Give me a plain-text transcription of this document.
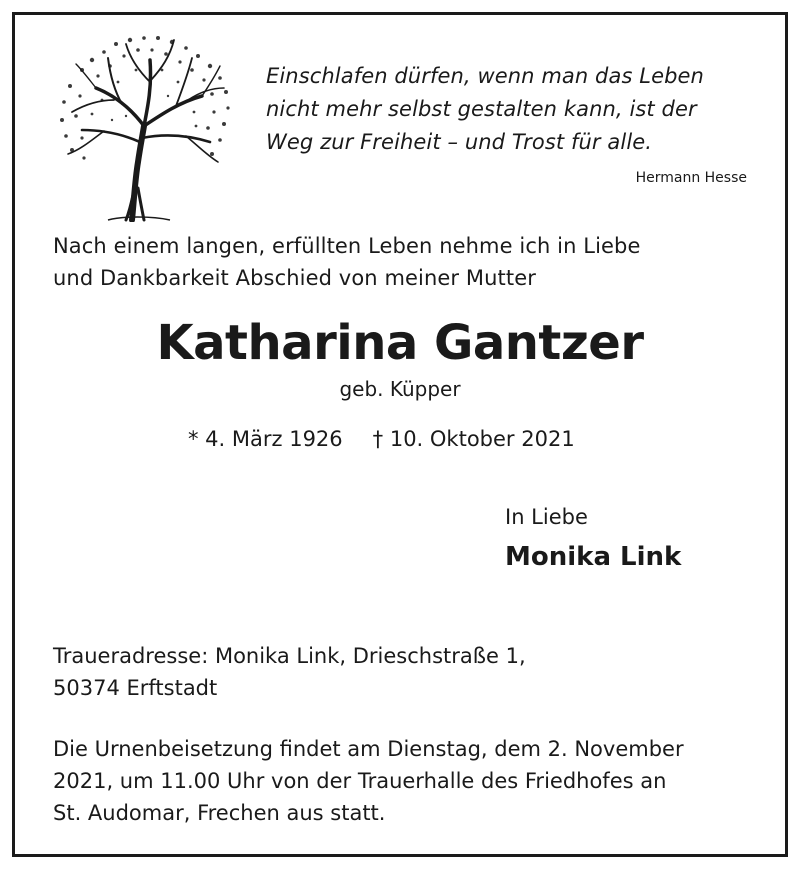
Einschlafen dürfen, wenn man das Leben
nicht mehr selbst gestalten kann, ist der
Weg zur Freiheit – und Trost für alle.
Hermann Hesse
Nach einem langen, erfüllten Leben nehme ich in Liebe
und Dankbarkeit Abschied von meiner Mutter
Katharina Gantzer
geb. Küpper
* 4. März 1926 † 10. Oktober 2021
In Liebe
Monika Link
Traueradresse: Monika Link, Drieschstraße 1,
50374 Erftstadt
Die Urnenbeisetzung findet am Dienstag, dem 2. November
2021, um 11.00 Uhr von der Trauerhalle des Friedhofes an
St. Audomar, Frechen aus statt.
